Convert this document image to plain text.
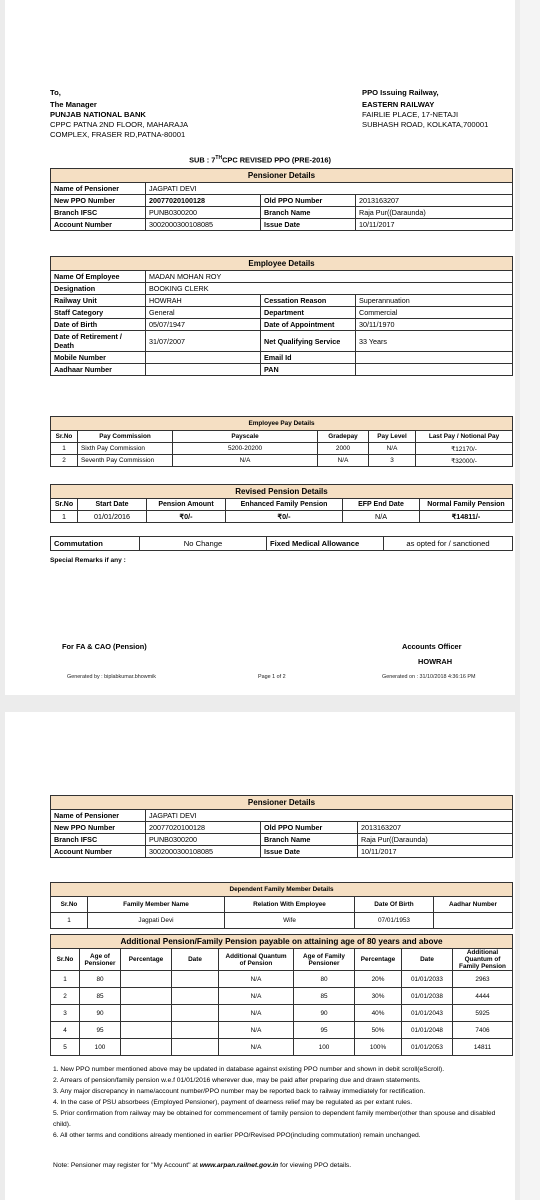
To,
The Manager
PUNJAB NATIONAL BANK
CPPC PATNA 2ND FLOOR, MAHARAJA
COMPLEX, FRASER RD,PATNA-80001
PPO Issuing Railway,
EASTERN RAILWAY
FAIRLIE PLACE, 17-NETAJI
SUBHASH ROAD, KOLKATA,700001
SUB : 7THCPC REVISED PPO (PRE-2016)
Pensioner Details			
Name of Pensioner	JAGPATI DEVI		
New PPO Number	20077020100128	Old PPO Number	2013163207
Branch IFSC	PUNB0300200	Branch Name	Raja Pur((Daraunda)
Account Number	3002000300108085	Issue Date	10/11/2017
Employee Details			
Name Of Employee	MADAN MOHAN ROY		
Designation	BOOKING CLERK		
Railway Unit	HOWRAH	Cessation Reason	Superannuation
Staff Category	General	Department	Commercial
Date of Birth	05/07/1947	Date of Appointment	30/11/1970
Date of Retirement / Death	31/07/2007	Net Qualifying Service	33 Years
Mobile Number		Email Id	
Aadhaar Number		PAN	
Employee Pay Details					
Sr.No	Pay Commission	Payscale	Gradepay	Pay Level	Last Pay / Notional Pay
1	Sixth Pay Commission	5200-20200	2000	N/A	₹12170/-
2	Seventh Pay Commission	N/A	N/A	3	₹32000/-
Revised Pension Details					
Sr.No	Start Date	Pension Amount	Enhanced Family Pension	EFP End Date	Normal Family Pension
1	01/01/2016	₹0/-	₹0/-	N/A	₹14811/-
Commutation	No Change	Fixed Medical Allowance	as opted for / sanctioned
Special Remarks if any :
For FA & CAO (Pension)	Accounts Officer
HOWRAH
Generated by : biplabkumar.bhowmik	Page 1 of 2	Generated on : 31/10/2018 4:36:16 PM
Pensioner Details			
Name of Pensioner	JAGPATI DEVI		
New PPO Number	20077020100128	Old PPO Number	2013163207
Branch IFSC	PUNB0300200	Branch Name	Raja Pur((Daraunda)
Account Number	3002000300108085	Issue Date	10/11/2017
Dependent Family Member Details				
Sr.No	Family Member Name	Relation With Employee	Date Of Birth	Aadhar Number
1	Jagpati Devi	Wife	07/01/1953	
Additional Pension/Family Pension payable on attaining age of 80 years and above								
Sr.No	Age of Pensioner	Percentage	Date	Additional Quantum of Pension	Age of Family Pensioner	Percentage	Date	Additional Quantum of Family Pension
1	80			N/A	80	20%	01/01/2033	2963
2	85			N/A	85	30%	01/01/2038	4444
3	90			N/A	90	40%	01/01/2043	5925
4	95			N/A	95	50%	01/01/2048	7406
5	100			N/A	100	100%	01/01/2053	14811
1. New PPO number mentioned above may be updated in database against existing PPO number and shown in debit scroll(eScroll).
2. Arrears of pension/family pension w.e.f 01/01/2016 wherever due, may be paid after preparing due and drawn statements.
3. Any major discrepancy in name/account number/PPO number may be reported back to railway immediately for rectification.
4. In the case of PSU absorbees (Employed Pensioner), payment of dearness relief may be regulated as per extant rules.
5. Prior confirmation from railway may be obtained for commencement of family pension to dependent family member(other than spouse and disabled child).
6. All other terms and conditions already mentioned in earlier PPO/Revised PPO(including commutation) remain unchanged.
Note: Pensioner may register for "My Account" at www.arpan.railnet.gov.in for viewing PPO details.
